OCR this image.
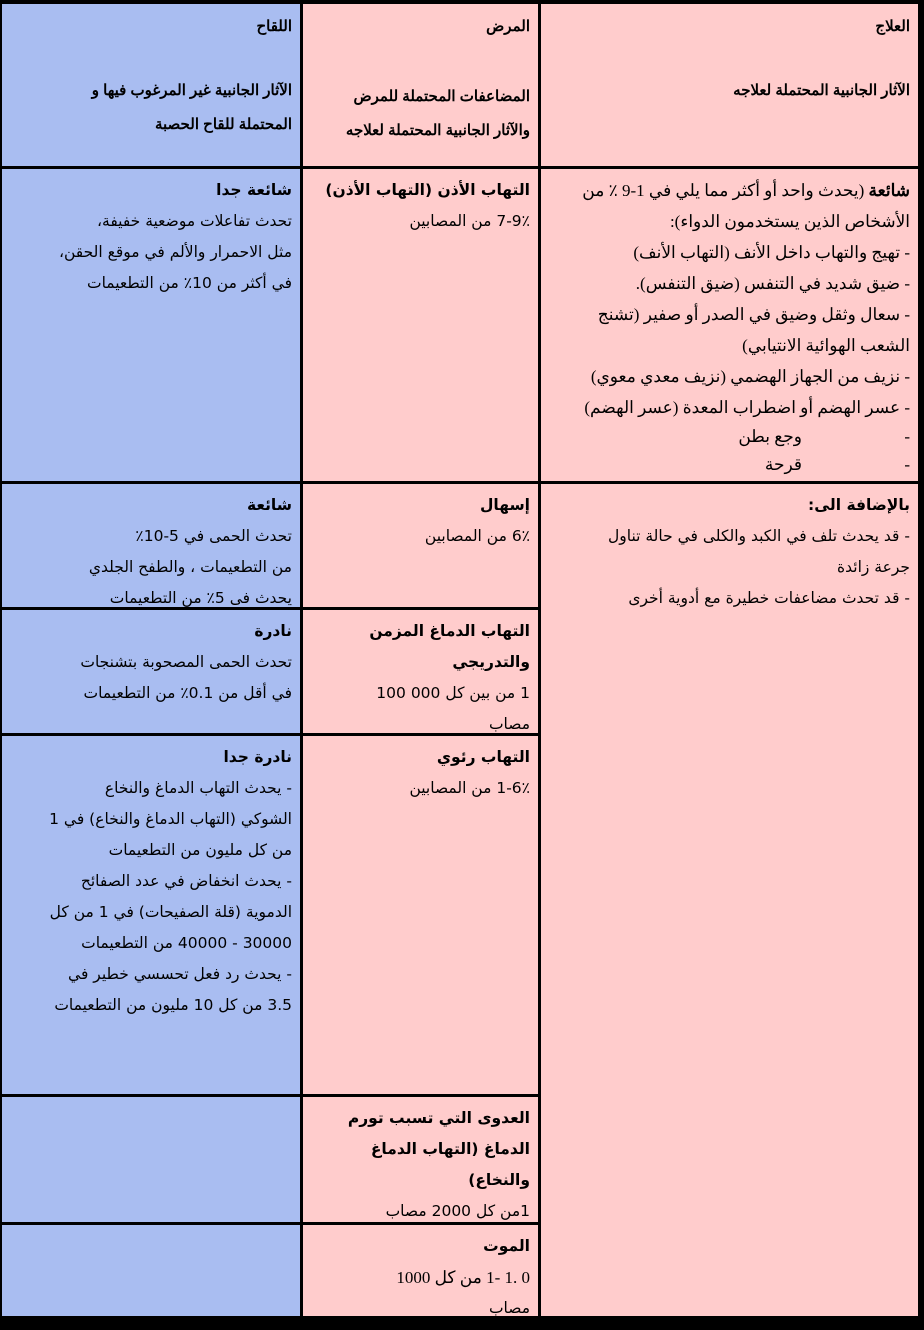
العلاج
الآثار الجانبية المحتملة لعلاجه
المرض
المضاعفات المحتملة للمرض
والآثار الجانبية المحتملة لعلاجه
اللقاح
الآثار الجانبية غير المرغوب فيها و
المحتملة للقاح الحصبة
شائعة (يحدث واحد أو أكثر مما يلي في 1-9 ٪ من
الأشخاص الذين يستخدمون الدواء):
- تهيج والتهاب داخل الأنف (التهاب الأنف)
- ضيق شديد في التنفس (ضيق التنفس).
- سعال وثقل وضيق في الصدر أو صفير (تشنج
الشعب الهوائية الانتيابي)
- نزيف من الجهاز الهضمي (نزيف معدي معوي)
- عسر الهضم أو اضطراب المعدة (عسر الهضم)
-وجع بطن
-قرحة
بالإضافة الى:
- قد يحدث تلف في الكبد والكلى في حالة تناول
جرعة زائدة
- قد تحدث مضاعفات خطيرة مع أدوية أخرى
التهاب الأذن (التهاب الأذن)
7-9٪ من المصابين
إسهال
6٪ من المصابين
التهاب الدماغ المزمن
والتدريجي
1 من بين كل 000 100
مصاب
التهاب رئوي
1-6٪ من المصابين
العدوى التي تسبب تورم
الدماغ (التهاب الدماغ
والنخاع)
1من كل 2000 مصاب
الموت
0 .1 -1 من كل 1000
مصاب
شائعة جدا
تحدث تفاعلات موضعية خفيفة،
مثل الاحمرار والألم في موقع الحقن،
في أكثر من 10٪ من التطعيمات
شائعة
تحدث الحمى في 5-10٪
من التطعيمات ، والطفح الجلدي
يحدث فى 5٪ من التطعيمات
نادرة
تحدث الحمى المصحوبة بتشنجات
في أقل من 0.1٪ من التطعيمات
نادرة جدا
- يحدث التهاب الدماغ والنخاع
الشوكي (التهاب الدماغ والنخاع) في 1
من كل مليون من التطعيمات
- يحدث انخفاض في عدد الصفائح
الدموية (قلة الصفيحات) في 1 من كل
30000 - 40000 من التطعيمات
- يحدث رد فعل تحسسي خطير في
3.5 من كل 10 مليون من التطعيمات
